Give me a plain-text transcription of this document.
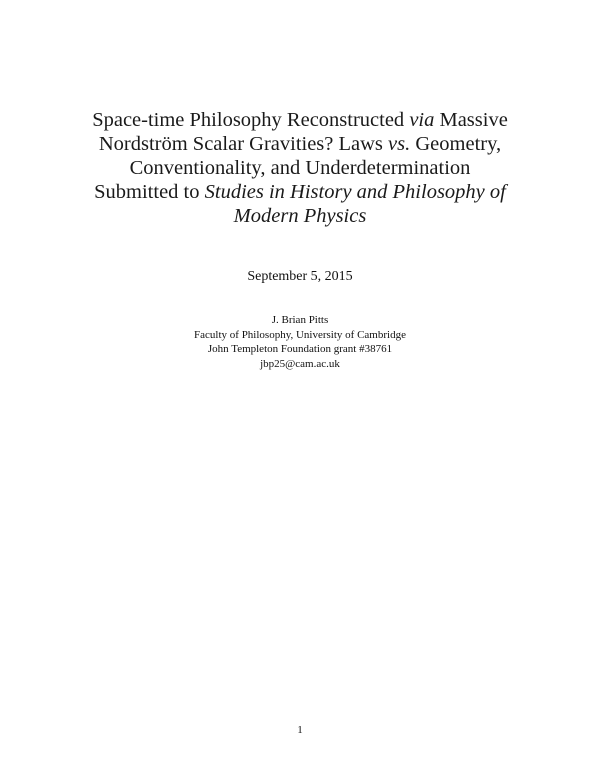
Space-time Philosophy Reconstructed via Massive
Nordström Scalar Gravities? Laws vs. Geometry,
Conventionality, and Underdetermination
Submitted to Studies in History and Philosophy of
Modern Physics
September 5, 2015
J. Brian Pitts
Faculty of Philosophy, University of Cambridge
John Templeton Foundation grant #38761
jbp25@cam.ac.uk
1
